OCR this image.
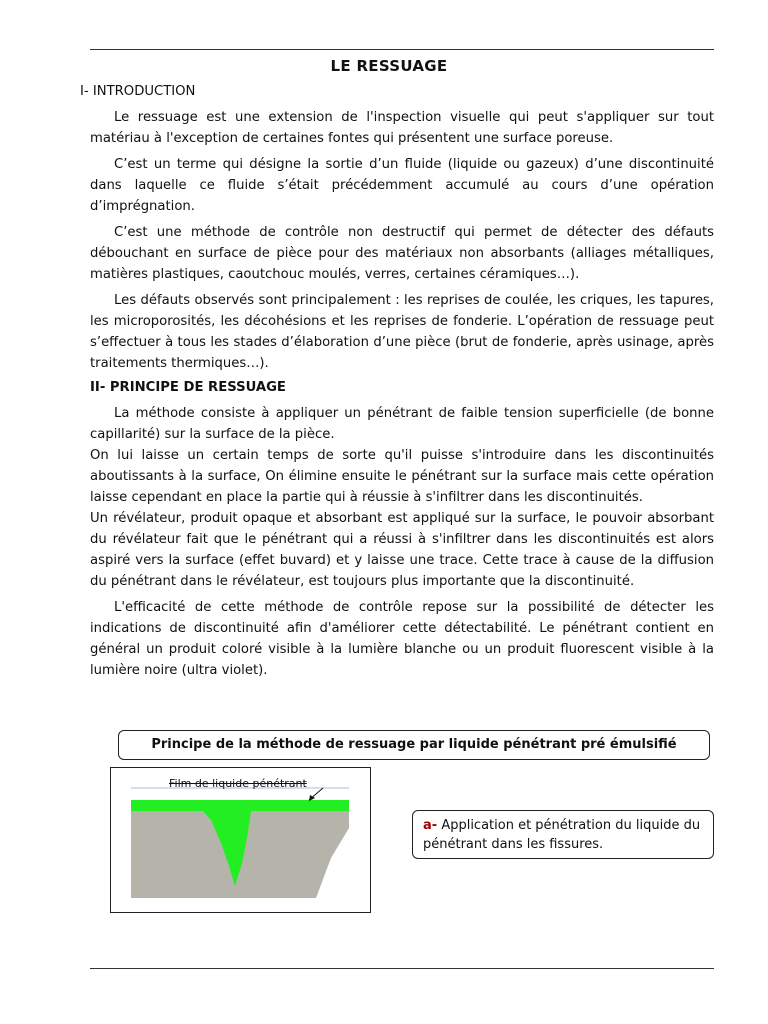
LE RESSUAGE
I- INTRODUCTION

Le ressuage est une extension de l'inspection visuelle qui peut s'appliquer sur tout matériau à l'exception de certaines fontes qui présentent une surface poreuse.

C’est un terme qui désigne la sortie d’un fluide (liquide ou gazeux) d’une discontinuité dans laquelle ce fluide s’était précédemment accumulé au cours d’une opération d’imprégnation.

C’est une méthode de contrôle non destructif qui permet de détecter des défauts débouchant en surface de pièce pour des matériaux non absorbants (alliages métalliques, matières plastiques, caoutchouc moulés, verres, certaines céramiques…).

Les défauts observés sont principalement : les reprises de coulée, les criques, les tapures, les microporosités, les décohésions et les reprises de fonderie. L’opération de ressuage peut s’effectuer à tous les stades d’élaboration d’une pièce (brut de fonderie, après usinage, après traitements thermiques…).

II- PRINCIPE DE RESSUAGE

La méthode consiste à appliquer un pénétrant de faible tension superficielle (de bonne capillarité) sur la surface de la pièce.

On lui laisse un certain temps de sorte qu'il puisse s'introduire dans les discontinuités aboutissants à la surface, On élimine ensuite le pénétrant sur la surface mais cette opération laisse cependant en place la partie qui à réussie à s'infiltrer dans les discontinuités.

Un révélateur, produit opaque et absorbant est appliqué sur la surface, le pouvoir absorbant du révélateur fait que le pénétrant qui a réussi à s'infiltrer dans les discontinuités est alors aspiré vers la surface (effet buvard) et y laisse une trace. Cette trace à cause de la diffusion du pénétrant dans le révélateur, est toujours plus importante que la discontinuité.

L'efficacité de cette méthode de contrôle repose sur la possibilité de détecter les indications de discontinuité afin d'améliorer cette détectabilité. Le pénétrant contient en général un produit coloré visible à la lumière blanche ou un produit fluorescent visible à la lumière noire (ultra violet).

Principe de la méthode de ressuage par liquide pénétrant pré émulsifié
Film de liquide pénétrant
a- Application et pénétration du liquide du pénétrant dans les fissures.
